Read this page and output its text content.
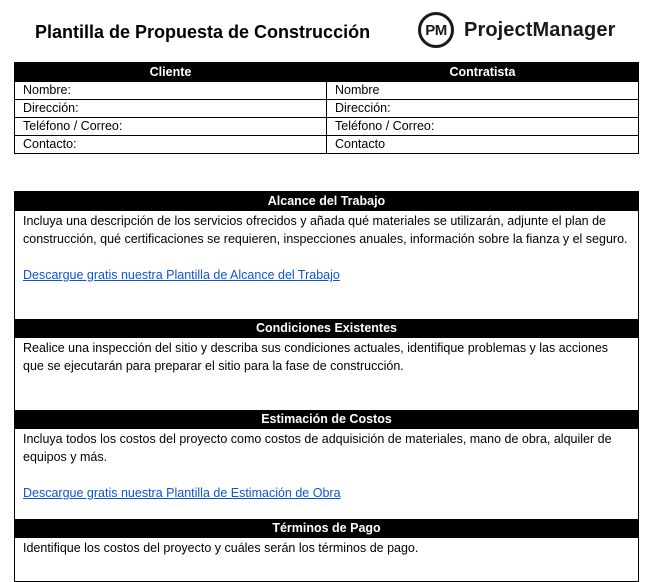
Plantilla de Propuesta de Construcción	PM ProjectManager
Cliente	Contratista
Nombre:	Nombre
Dirección:	Dirección:
Teléfono / Correo:	Teléfono / Correo:
Contacto:	Contacto
Alcance del Trabajo

Incluya una descripción de los servicios ofrecidos y añada qué materiales se utilizarán, adjunte el plan de construcción, qué certificaciones se requieren, inspecciones anuales, información sobre la fianza y el seguro.

Descargue gratis nuestra Plantilla de Alcance del Trabajo
Condiciones Existentes

Realice una inspección del sitio y describa sus condiciones actuales, identifique problemas y las acciones que se ejecutarán para preparar el sitio para la fase de construcción.

Estimación de Costos

Incluya todos los costos del proyecto como costos de adquisición de materiales, mano de obra, alquiler de equipos y más.

Descargue gratis nuestra Plantilla de Estimación de Obra
Términos de Pago

Identifique los costos del proyecto y cuáles serán los términos de pago.
